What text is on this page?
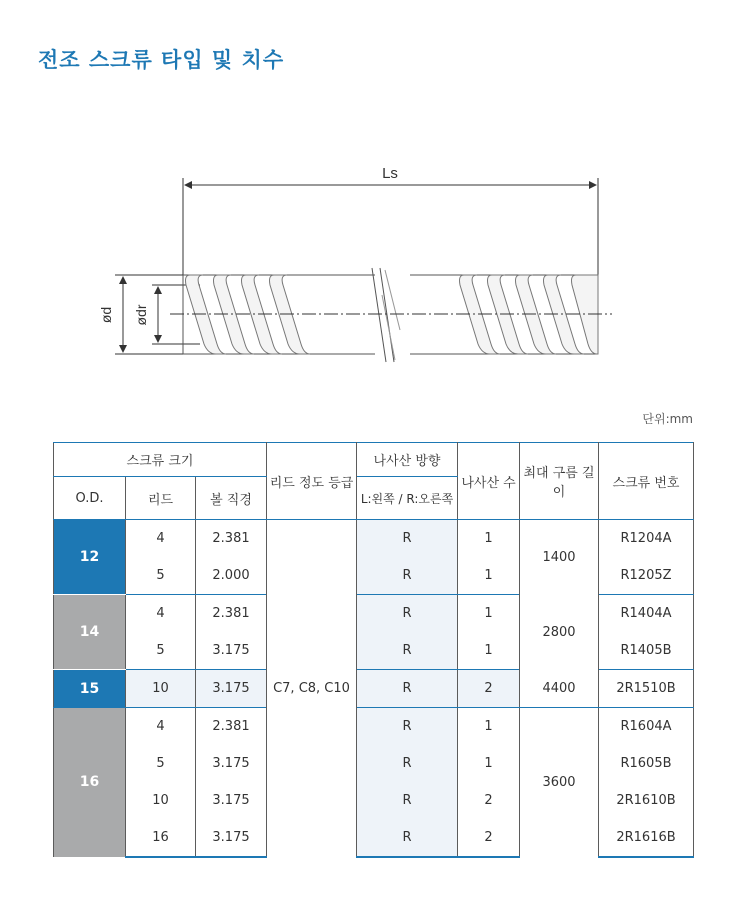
전조 스크류 타입 및 치수
Ls
ød ødr
단위:mm
스크류 크기			리드 정도 등급	나사산 방향	나사산 수	최대 구름 길이	스크류 번호
O.D.	리드	볼 직경		L:왼쪽 / R:오른쪽			
12	4	2.381	C7, C8, C10	R	1	1400	R1204A
	5	2.000		R	1		R1205Z
14	4	2.381		R	1	2800	R1404A
	5	3.175		R	1		R1405B
15	10	3.175		R	2	4400	2R1510B
16	4	2.381		R	1	3600	R1604A
	5	3.175		R	1		R1605B
	10	3.175		R	2		2R1610B
	16	3.175		R	2		2R1616B
